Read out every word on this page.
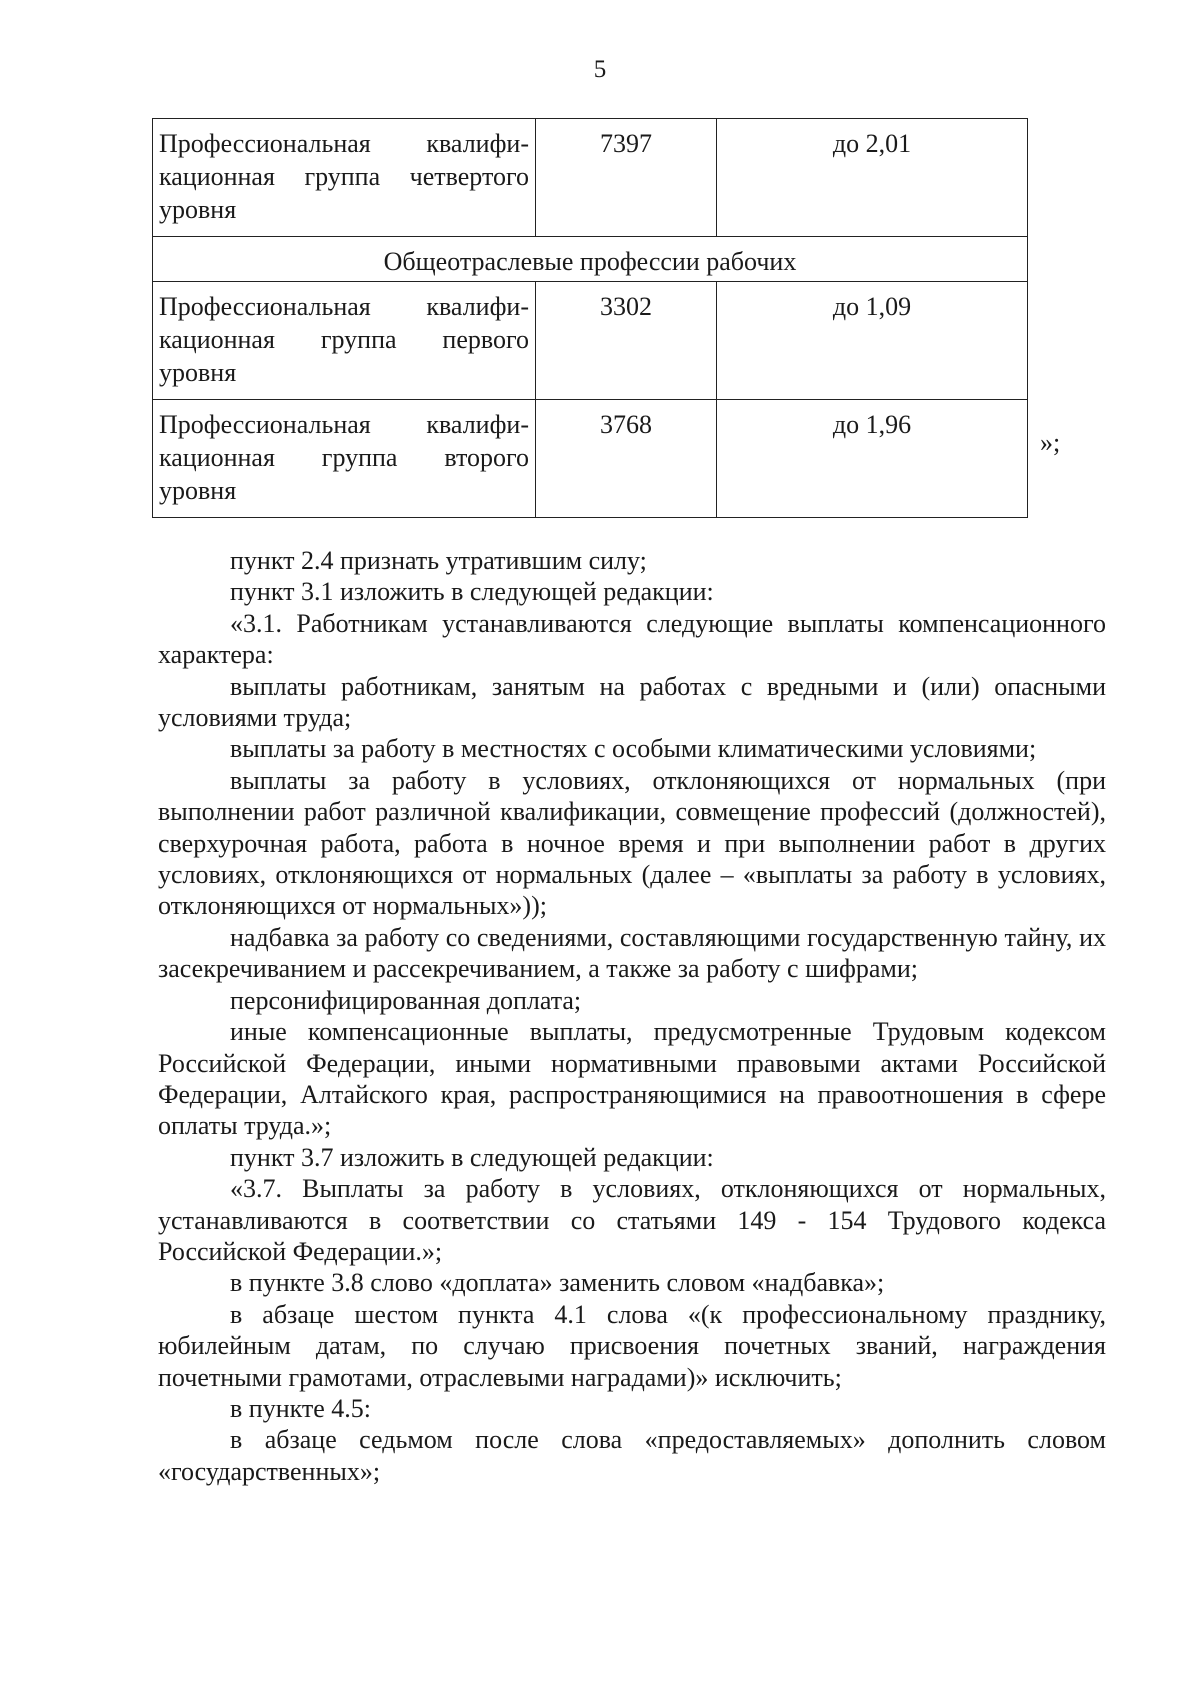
5
Профессиональная квалифи-кационная группа четвертого уровня	7397	до 2,01
Общеотраслевые профессии рабочих		
Профессиональная квалифи-кационная группа первого уровня	3302	до 1,09
Профессиональная квалифи-кационная группа второго уровня	3768	до 1,96
»;

пункт 2.4 признать утратившим силу;

пункт 3.1 изложить в следующей редакции:

«3.1. Работникам устанавливаются следующие выплаты компенсационного характера:

выплаты работникам, занятым на работах с вредными и (или) опасными условиями труда;

выплаты за работу в местностях с особыми климатическими условиями;

выплаты за работу в условиях, отклоняющихся от нормальных (при выполнении работ различной квалификации, совмещение профессий (должностей), сверхурочная работа, работа в ночное время и при выполнении работ в других условиях, отклоняющихся от нормальных (далее – «выплаты за работу в условиях, отклоняющихся от нормальных»));

надбавка за работу со сведениями, составляющими государственную тайну, их засекречиванием и рассекречиванием, а также за работу с шифрами;

персонифицированная доплата;

иные компенсационные выплаты, предусмотренные Трудовым кодексом Российской Федерации, иными нормативными правовыми актами Российской Федерации, Алтайского края, распространяющимися на правоотношения в сфере оплаты труда.»;

пункт 3.7 изложить в следующей редакции:

«3.7. Выплаты за работу в условиях, отклоняющихся от нормальных, устанавливаются в соответствии со статьями 149 - 154 Трудового кодекса Российской Федерации.»;

в пункте 3.8 слово «доплата» заменить словом «надбавка»;

в абзаце шестом пункта 4.1 слова «(к профессиональному празднику, юбилейным датам, по случаю присвоения почетных званий, награждения почетными грамотами, отраслевыми наградами)» исключить;

в пункте 4.5:

в абзаце седьмом после слова «предоставляемых» дополнить словом «государственных»;
